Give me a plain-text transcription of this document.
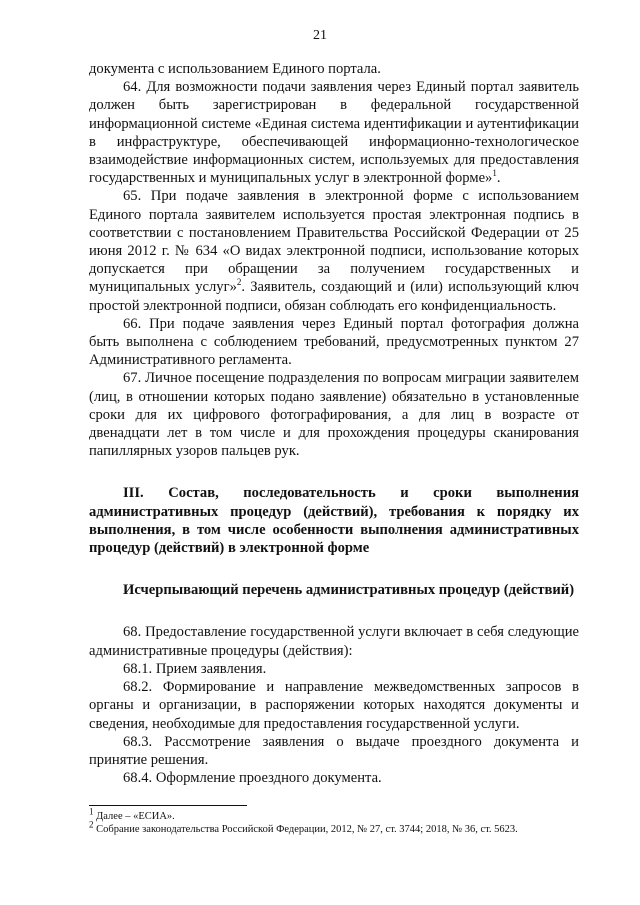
21

документа с использованием Единого портала.

64. Для возможности подачи заявления через Единый портал заявитель должен быть зарегистрирован в федеральной государственной информационной системе «Единая система идентификации и аутентификации в инфраструктуре, обеспечивающей информационно-технологическое взаимодействие информационных систем, используемых для предоставления государственных и муниципальных услуг в электронной форме»$^1$.

65. При подаче заявления в электронной форме с использованием Единого портала заявителем используется простая электронная подпись в соответствии с постановлением Правительства Российской Федерации от 25 июня 2012 г. № 634 «О видах электронной подписи, использование которых допускается при обращении за получением государственных и муниципальных услуг»$^2$. Заявитель, создающий и (или) использующий ключ простой электронной подписи, обязан соблюдать его конфиденциальность.

66. При подаче заявления через Единый портал фотография должна быть выполнена с соблюдением требований, предусмотренных пунктом 27 Административного регламента.

67. Личное посещение подразделения по вопросам миграции заявителем (лиц, в отношении которых подано заявление) обязательно в установленные сроки для их цифрового фотографирования, а для лиц в возрасте от двенадцати лет в том числе и для прохождения процедуры сканирования папиллярных узоров пальцев рук.

III. Состав, последовательность и сроки выполнения административных процедур (действий), требования к порядку их выполнения, в том числе особенности выполнения административных процедур (действий) в электронной форме

Исчерпывающий перечень административных процедур (действий)

68. Предоставление государственной услуги включает в себя следующие административные процедуры (действия):

68.1. Прием заявления.

68.2. Формирование и направление межведомственных запросов в органы и организации, в распоряжении которых находятся документы и сведения, необходимые для предоставления государственной услуги.

68.3. Рассмотрение заявления о выдаче проездного документа и принятие решения.

68.4. Оформление проездного документа.

$^1$ Далее – «ЕСИА».

$^2$ Собрание законодательства Российской Федерации, 2012, № 27, ст. 3744; 2018, № 36, ст. 5623.
